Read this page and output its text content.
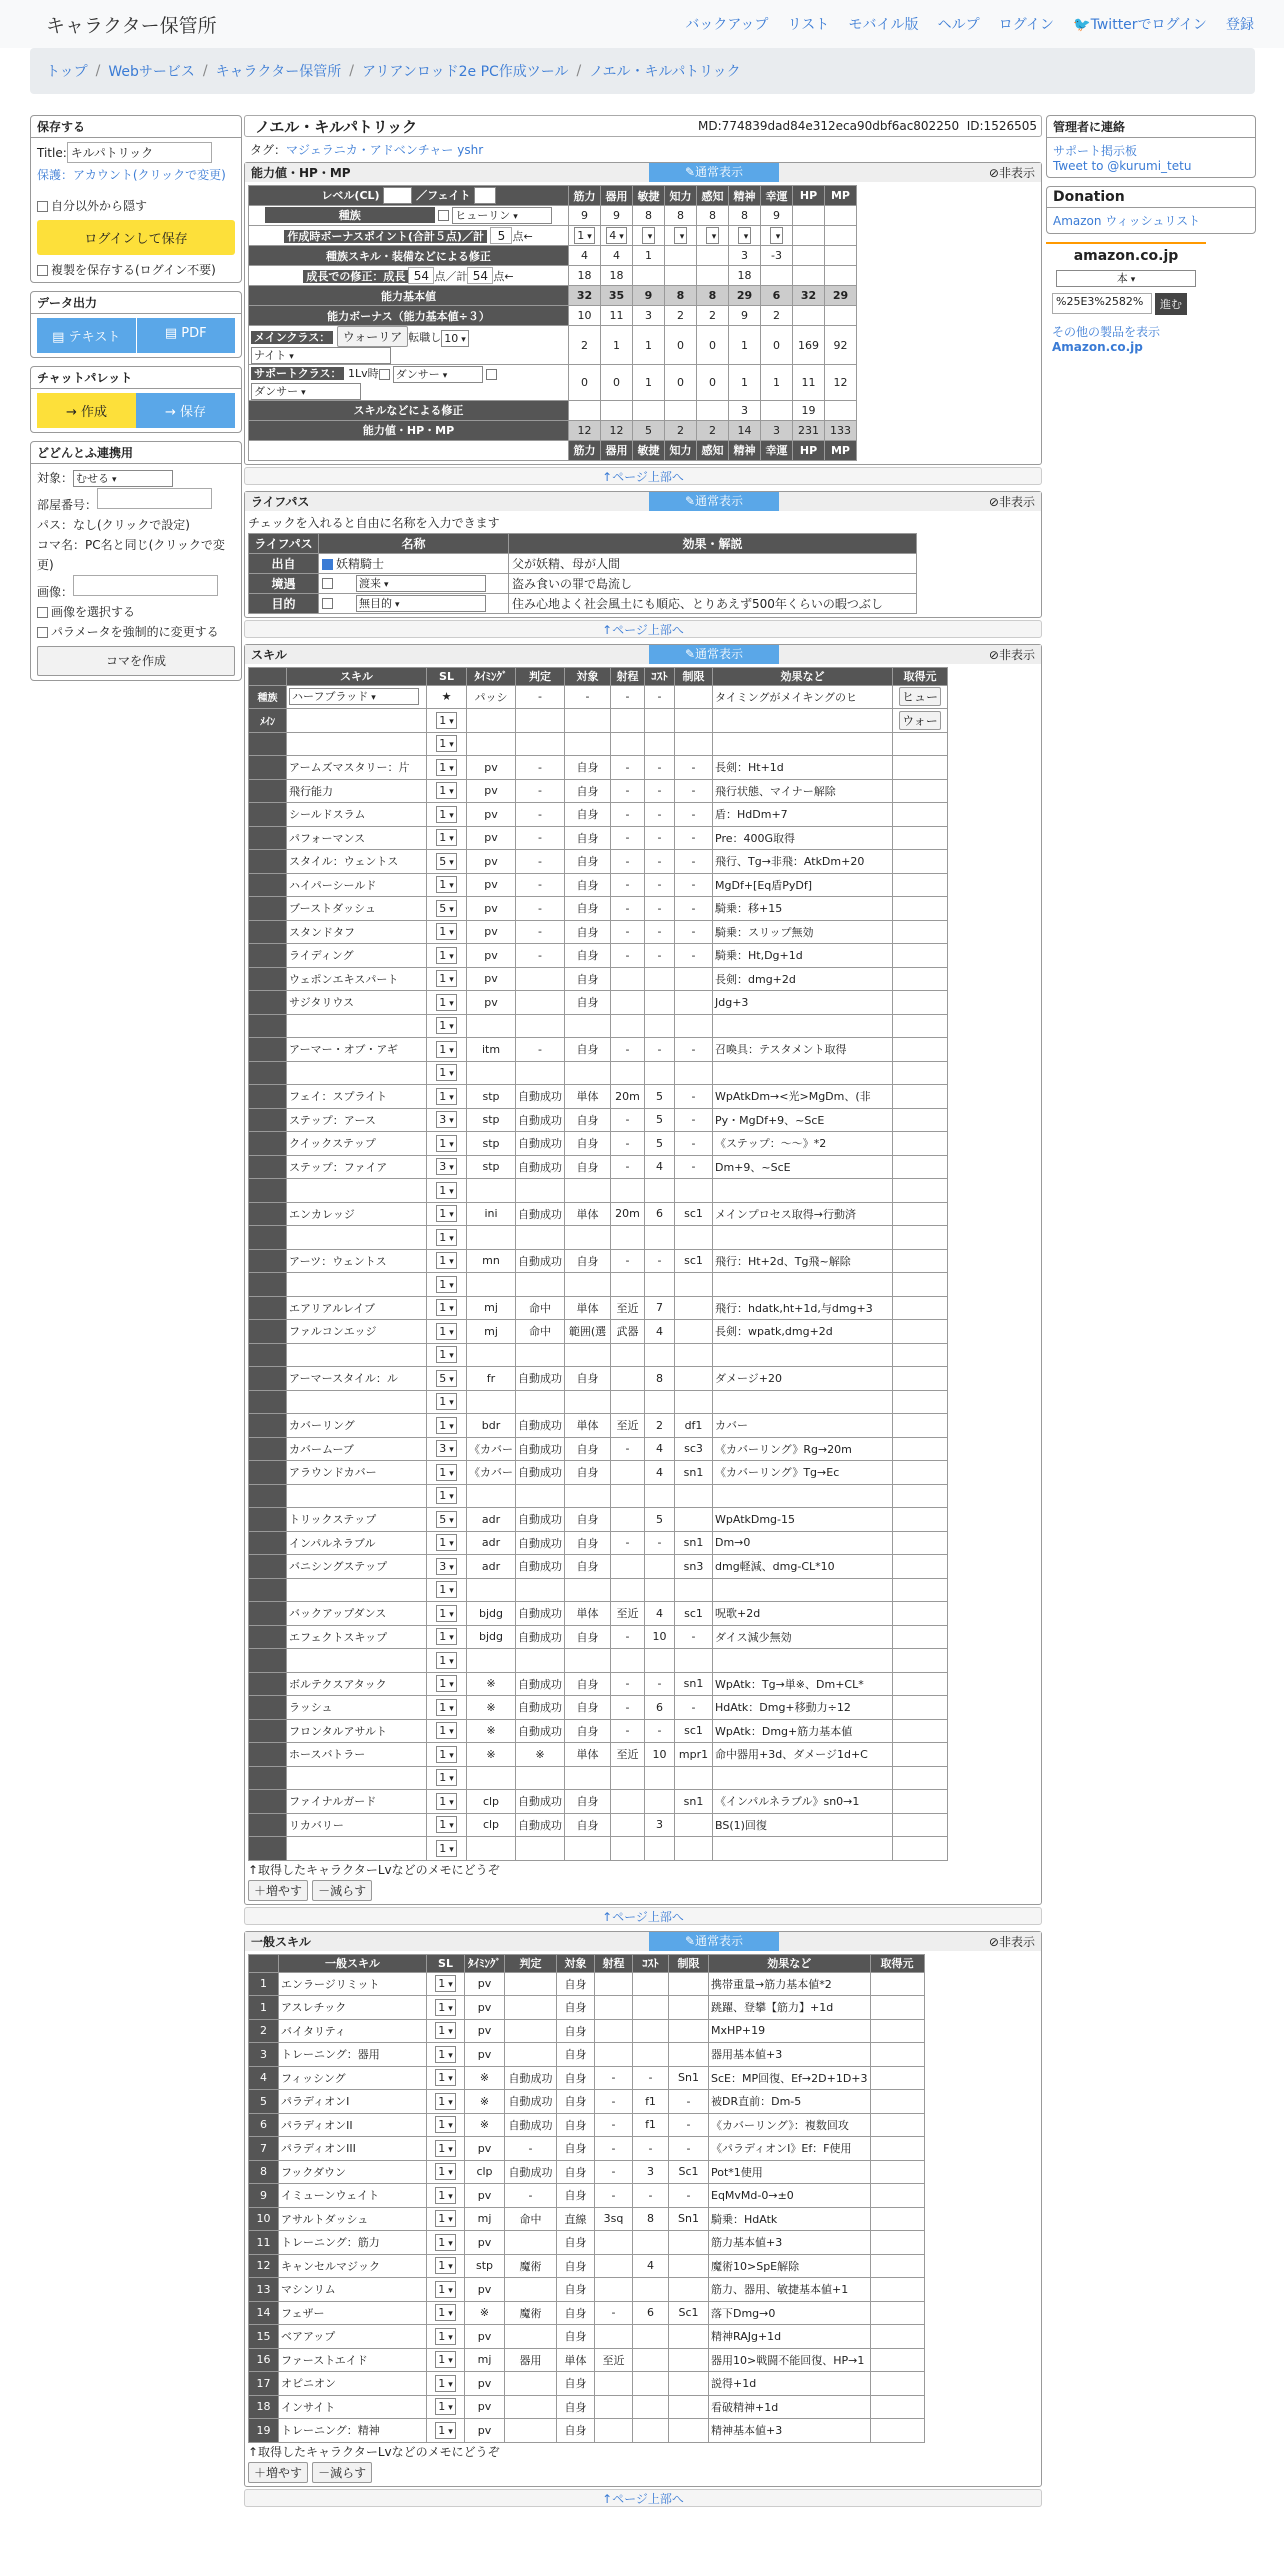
キャラクター保管所	バックアップ リスト モバイル版 ヘルプ ログイン 🐦Twitterでログイン 登録
トップ / Webサービス / キャラクター保管所 / アリアンロッド2e PC作成ツール / ノエル・キルパトリック
保存する
Title: キルパトリック
保護：アカウント(クリックで変更)
自分以外から隠す
ログインして保存
複製を保存する(ログイン不要)
データ出力
▤ テキスト	▤ PDF
チャットパレット
→ 作成	→ 保存
どどんとふ連携用
対象： むせる ▾
部屋番号：
パス：なし(クリックで設定)
コマ名：PC名と同じ(クリックで変更)
画像：
画像を選択する
パラメータを強制的に変更する
コマを作成
ノエル・キルパトリック	MD:774839dad84e312eca90dbf6ac802250 ID:1526505
タグ：マジェラニカ・アドベンチャー yshr
能力値・HP・MP	✎通常表示	⊘非表示
レベル(CL) 19 ▾ ／フェイト 5 ▾	筋力	器用	敏捷	知力	感知	精神	幸運	HP	MP
種族 ヒューリン ▾	9	9	8	8	8	8	9		
作成時ボーナスポイント(合計５点)／計 5 点←	1 ▾	4 ▾	▾	▾	▾	▾	▾		
種族スキル・装備などによる修正	4	4	1			3	-3		
成長での修正：成長 54 点／計 54 点←	18	18				18			
能力基本値	32	35	9	8	8	29	6	32	29
能力ボーナス（能力基本値÷３）	10	11	3	2	2	9	2		
メインクラス： ウォーリア 転職し 10 ▾ ナイト ▾	2	1	1	0	0	1	0	169	92
サポートクラス： 1Lv時 ダンサー ▾ ダンサー ▾	0	0	1	0	0	1	1	11	12
スキルなどによる修正						3		19	
能力値・HP・MP	12	12	5	2	2	14	3	231	133
	筋力	器用	敏捷	知力	感知	精神	幸運	HP	MP
↑ページ上部へ
ライフパス	✎通常表示	⊘非表示
チェックを入れると自由に名称を入力できます
ライフパス	名称	効果・解説
出自	妖精騎士	父が妖精、母が人間
境遇	渡来 ▾	盗み食いの罪で島流し
目的	無目的 ▾	住み心地よく社会風土にも順応、とりあえず500年くらいの暇つぶし
↑ページ上部へ
スキル	✎通常表示	⊘非表示
	スキル	SL	ﾀｲﾐﾝｸﾞ	判定	対象	射程	ｺｽﾄ	制限	効果など	取得元
種族	ハーフブラッド ▾	★	パッシ	-	-	-	-		タイミングがメイキングのヒ	ヒュー
ﾒｲﾝ		1 ▾								ウォー
		1 ▾								
	アームズマスタリー：片	1 ▾	pv	-	自身	-	-	-	長剣：Ht+1d	
	飛行能力	1 ▾	pv	-	自身	-	-	-	飛行状態、マイナー解除	
	シールドスラム	1 ▾	pv	-	自身	-	-	-	盾：HdDm+7	
	パフォーマンス	1 ▾	pv	-	自身	-	-	-	Pre：400G取得	
	スタイル：ウェントス	5 ▾	pv	-	自身	-	-	-	飛行、Tg→非飛：AtkDm+20	
	ハイパーシールド	1 ▾	pv	-	自身	-	-	-	MgDf+[Eq盾PyDf]	
	ブーストダッシュ	5 ▾	pv	-	自身	-	-	-	騎乗：移+15	
	スタンドタフ	1 ▾	pv	-	自身	-	-	-	騎乗：スリップ無効	
	ライディング	1 ▾	pv	-	自身	-	-	-	騎乗：Ht,Dg+1d	
	ウェポンエキスパート	1 ▾	pv		自身				長剣：dmg+2d	
	サジタリウス	1 ▾	pv		自身				Jdg+3	
		1 ▾								
	アーマー・オブ・アギ	1 ▾	itm	-	自身	-	-	-	召喚具：テスタメント取得	
		1 ▾								
	フェイ：スプライト	1 ▾	stp	自動成功	単体	20m	5	-	WpAtkDm→<光>MgDm、(非	
	ステップ：アース	3 ▾	stp	自動成功	自身	-	5	-	Py・MgDf+9、~ScE	
	クイックステップ	1 ▾	stp	自動成功	自身	-	5	-	《ステップ：～～》*2	
	ステップ：ファイア	3 ▾	stp	自動成功	自身	-	4	-	Dm+9、~ScE	
		1 ▾								
	エンカレッジ	1 ▾	ini	自動成功	単体	20m	6	sc1	メインプロセス取得→行動済	
		1 ▾								
	アーツ：ウェントス	1 ▾	mn	自動成功	自身	-	-	sc1	飛行：Ht+2d、Tg飛~解除	
		1 ▾								
	エアリアルレイブ	1 ▾	mj	命中	単体	至近	7		飛行：hdatk,ht+1d,与dmg+3	
	ファルコンエッジ	1 ▾	mj	命中	範囲(選	武器	4		長剣：wpatk,dmg+2d	
		1 ▾								
	アーマースタイル：ル	5 ▾	fr	自動成功	自身		8		ダメージ+20	
		1 ▾								
	カバーリング	1 ▾	bdr	自動成功	単体	至近	2	df1	カバー	
	カバームーブ	3 ▾	《カバー	自動成功	自身	-	4	sc3	《カバーリング》Rg→20m	
	アラウンドカバー	1 ▾	《カバー	自動成功	自身		4	sn1	《カバーリング》Tg→Ec	
		1 ▾								
	トリックステップ	5 ▾	adr	自動成功	自身		5		WpAtkDmg-15	
	インパルネラブル	1 ▾	adr	自動成功	自身	-	-	sn1	Dm→0	
	バニシングステップ	3 ▾	adr	自動成功	自身			sn3	dmg軽減、dmg-CL*10	
		1 ▾								
	バックアップダンス	1 ▾	bjdg	自動成功	単体	至近	4	sc1	呪歌+2d	
	エフェクトスキップ	1 ▾	bjdg	自動成功	自身	-	10	-	ダイス減少無効	
		1 ▾								
	ボルテクスアタック	1 ▾	※	自動成功	自身	-	-	sn1	WpAtk：Tg→単※、Dm+CL*	
	ラッシュ	1 ▾	※	自動成功	自身	-	6	-	HdAtk：Dmg+移動力÷12	
	フロンタルアサルト	1 ▾	※	自動成功	自身	-	-	sc1	WpAtk：Dmg+筋力基本値	
	ホースバトラー	1 ▾	※	※	単体	至近	10	mpr1	命中器用+3d、ダメージ1d+C	
		1 ▾								
	ファイナルガード	1 ▾	clp	自動成功	自身			sn1	《インパルネラブル》sn0→1	
	リカバリー	1 ▾	clp	自動成功	自身		3		BS(1)回復	
		1 ▾								
↑取得したキャラクターLvなどのメモにどうぞ
＋増やす －減らす
↑ページ上部へ
一般スキル	✎通常表示	⊘非表示
	一般スキル	SL	ﾀｲﾐﾝｸﾞ	判定	対象	射程	ｺｽﾄ	制限	効果など	取得元
1	エンラージリミット	1 ▾	pv		自身				携帯重量→筋力基本値*2	
1	アスレチック	1 ▾	pv		自身				跳躍、登攀【筋力】+1d	
2	バイタリティ	1 ▾	pv		自身				MxHP+19	
3	トレーニング：器用	1 ▾	pv		自身				器用基本値+3	
4	フィッシング	1 ▾	※	自動成功	自身	-	-	Sn1	ScE：MP回復、Ef→2D+1D+3	
5	パラディオンI	1 ▾	※	自動成功	自身	-	f1	-	被DR直前：Dm-5	
6	パラディオンII	1 ▾	※	自動成功	自身	-	f1	-	《カバーリング》：複数回攻	
7	パラディオンIII	1 ▾	pv	-	自身	-	-	-	《パラディオンI》Ef：F使用	
8	フックダウン	1 ▾	clp	自動成功	自身	-	3	Sc1	Pot*1使用	
9	イミューンウェイト	1 ▾	pv	-	自身	-	-	-	EqMvMd-0→±0	
10	アサルトダッシュ	1 ▾	mj	命中	直線	3sq	8	Sn1	騎乗：HdAtk	
11	トレーニング：筋力	1 ▾	pv		自身				筋力基本値+3	
12	キャンセルマジック	1 ▾	stp	魔術	自身		4		魔術10>SpE解除	
13	マシンリム	1 ▾	pv		自身				筋力、器用、敏捷基本値+1	
14	フェザー	1 ▾	※	魔術	自身	-	6	Sc1	落下Dmg→0	
15	ベアアップ	1 ▾	pv		自身				精神RAJg+1d	
16	ファーストエイド	1 ▾	mj	器用	単体	至近			器用10>戦闘不能回復、HP→1	
17	オピニオン	1 ▾	pv		自身				説得+1d	
18	インサイト	1 ▾	pv		自身				看破精神+1d	
19	トレーニング：精神	1 ▾	pv		自身				精神基本値+3	
↑取得したキャラクターLvなどのメモにどうぞ
＋増やす －減らす
↑ページ上部へ
管理者に連絡
サポート掲示板
Tweet to @kurumi_tetu
Donation
Amazon ウィッシュリスト
amazon.co.jp
本 ▾
%25E3%2582%	進む
その他の製品を表示
Amazon.co.jp
